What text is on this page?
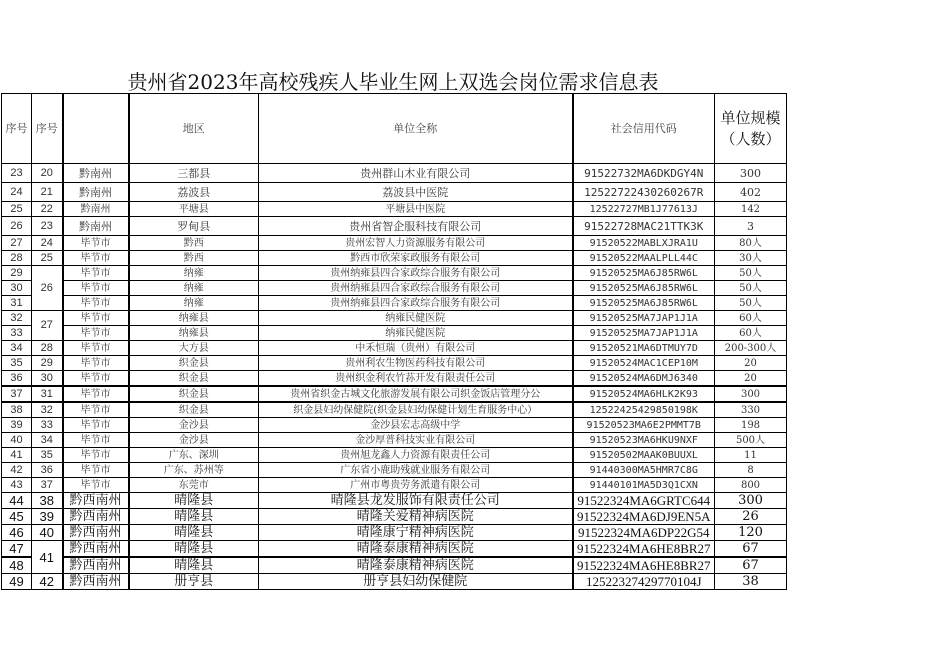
贵州省2023年高校残疾人毕业生网上双选会岗位需求信息表
序号	序号		地区	单位全称	社会信用代码	单位规模（人数）
23	20	黔南州	三都县	贵州群山木业有限公司	91522732MA6DKDGY4N	300
24	21	黔南州	荔波县	荔波县中医院	12522722430260267R	402
25	22	黔南州	平塘县	平塘县中医院	12522727MB1J77613J	142
26	23	黔南州	罗甸县	贵州省智企服科技有限公司	91522728MAC21TTK3K	3
27	24	毕节市	黔西	贵州宏智人力资源服务有限公司	91520522MABLXJRA1U	80人
28	25	毕节市	黔西	黔西市欣荣家政服务有限公司	91520522MAALPLL44C	30人
29	26	毕节市	纳雍	贵州纳雍县四合家政综合服务有限公司	91520525MA6J85RW6L	50人
30		毕节市	纳雍	贵州纳雍县四合家政综合服务有限公司	91520525MA6J85RW6L	50人
31		毕节市	纳雍	贵州纳雍县四合家政综合服务有限公司	91520525MA6J85RW6L	50人
32	27	毕节市	纳雍县	纳雍民健医院	91520525MA7JAP1J1A	60人
33		毕节市	纳雍县	纳雍民健医院	91520525MA7JAP1J1A	60人
34	28	毕节市	大方县	中禾恒瑞（贵州）有限公司	91520521MA6DTMUY7D	200-300人
35	29	毕节市	织金县	贵州利农生物医药科技有限公司	91520524MAC1CEP10M	20
36	30	毕节市	织金县	贵州织金利农竹荪开发有限责任公司	91520524MA6DMJ6340	20
37	31	毕节市	织金县	贵州省织金古城文化旅游发展有限公司织金饭店管理分公	91520524MA6HLK2K93	300
38	32	毕节市	织金县	织金县妇幼保健院(织金县妇幼保健计划生育服务中心）	12522425429850198K	330
39	33	毕节市	金沙县	金沙县宏志高级中学	91520523MA6E2PMMT7B	198
40	34	毕节市	金沙县	金沙厚普科技实业有限公司	91520523MA6HKU9NXF	500人
41	35	毕节市	广东、深圳	贵州旭龙鑫人力资源有限责任公司	91520502MAAK0BUUXL	11
42	36	毕节市	广东、苏州等	广东省小鹿助残就业服务有限公司	91440300MA5HMR7C8G	8
43	37	毕节市	东莞市	广州市粤贵劳务派遣有限公司	91440101MA5D3Q1CXN	800
44	38	黔西南州	晴隆县	晴隆县龙发服饰有限责任公司	91522324MA6GRTC644	300
45	39	黔西南州	晴隆县	晴隆关爱精神病医院	91522324MA6DJ9EN5A	26
46	40	黔西南州	晴隆县	晴隆康宁精神病医院	91522324MA6DP22G54	120
47	41	黔西南州	晴隆县	晴隆泰康精神病医院	91522324MA6HE8BR27	67
48		黔西南州	晴隆县	晴隆泰康精神病医院	91522324MA6HE8BR27	67
49	42	黔西南州	册亨县	册亨县妇幼保健院	12522327429770104J	38
